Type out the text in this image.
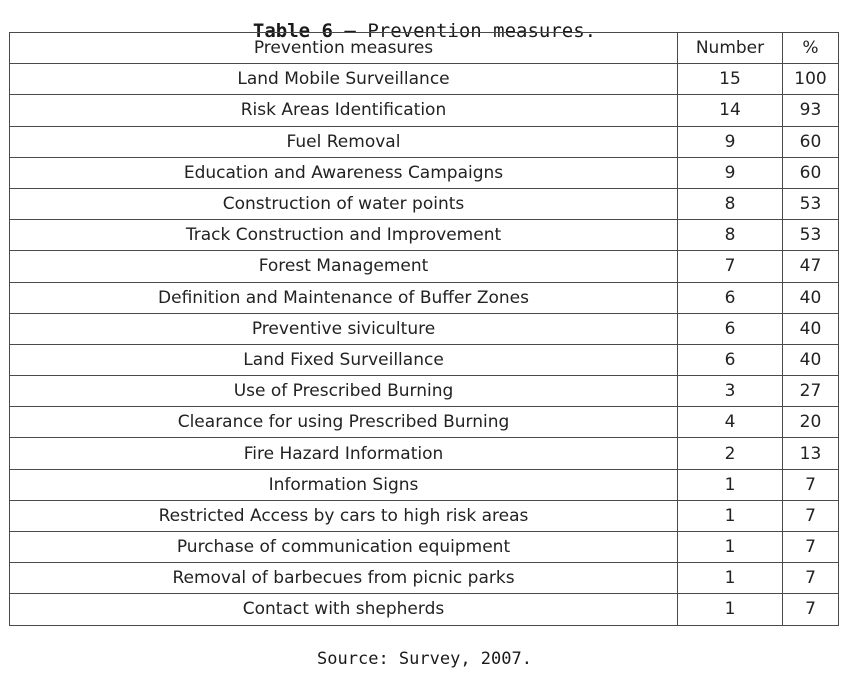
Table 6 – Prevention measures.
Prevention measures	Number	%
Land Mobile Surveillance	15	100
Risk Areas Identification	14	93
Fuel Removal	9	60
Education and Awareness Campaigns	9	60
Construction of water points	8	53
Track Construction and Improvement	8	53
Forest Management	7	47
Definition and Maintenance of Buffer Zones	6	40
Preventive siviculture	6	40
Land Fixed Surveillance	6	40
Use of Prescribed Burning	3	27
Clearance for using Prescribed Burning	4	20
Fire Hazard Information	2	13
Information Signs	1	7
Restricted Access by cars to high risk areas	1	7
Purchase of communication equipment	1	7
Removal of barbecues from picnic parks	1	7
Contact with shepherds	1	7
Source: Survey, 2007.
